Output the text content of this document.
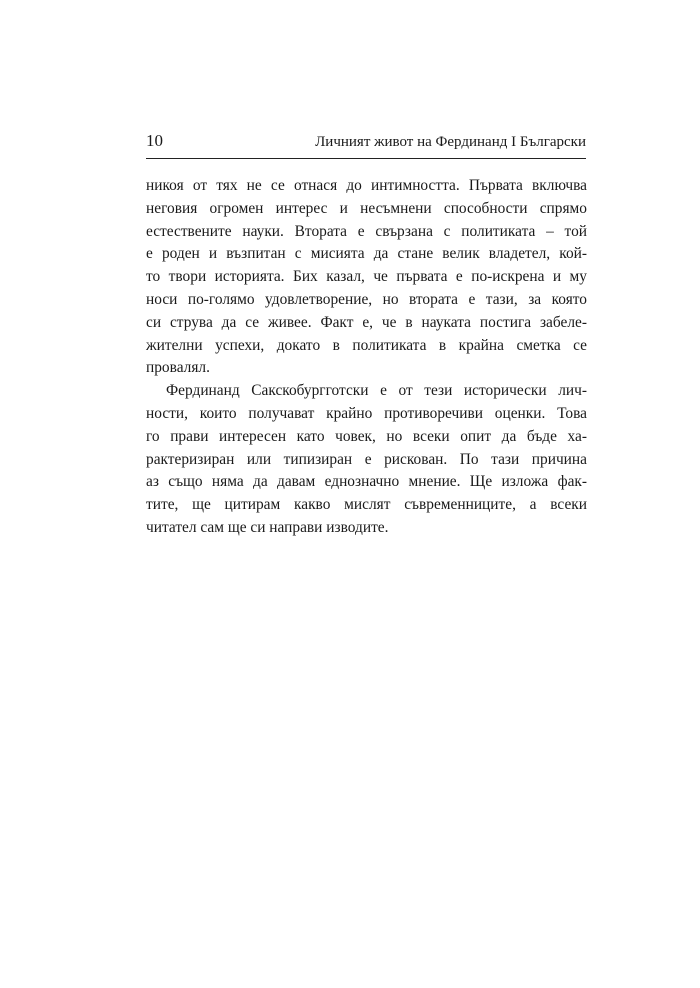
10	Личният живот на Фердинанд I Български
никоя от тях не се отнася до интимността. Първата включва
неговия огромен интерес и несъмнени способности спрямо
естествените науки. Втората е свързана с политиката – той
е роден и възпитан с мисията да стане велик владетел, кой-
то твори историята. Бих казал, че първата е по-искрена и му
носи по-голямо удовлетворение, но втората е тази, за която
си струва да се живее. Факт е, че в науката постига забеле-
жителни успехи, докато в политиката в крайна сметка се
провалял.
Фердинанд Сакскобургготски е от тези исторически лич-
ности, които получават крайно противоречиви оценки. Това
го прави интересен като човек, но всеки опит да бъде ха-
рактеризиран или типизиран е рискован. По тази причина
аз също няма да давам еднозначно мнение. Ще изложа фак-
тите, ще цитирам какво мислят съвременниците, а всеки
читател сам ще си направи изводите.
